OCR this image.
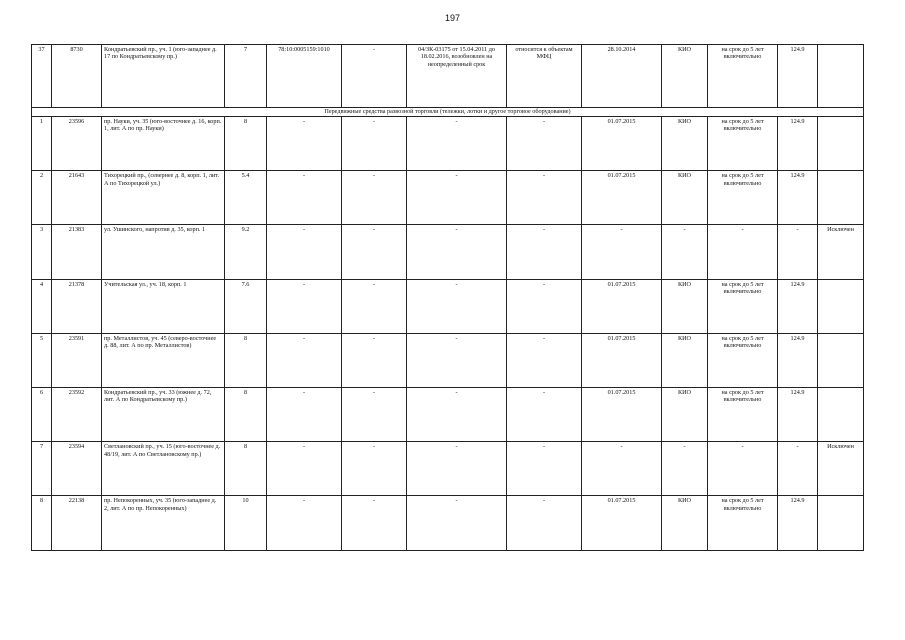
197
37	8730	Кондратьевский пр., уч. 1 (юго-западнее д. 17 по Кондратьевскому пр.)	7	78:10:0005159:1010	-	04/ЗК-03175 от 15.04.2011 до 18.02.2016, возобновлен на неопределенный срок	относится к объектам МФЦ	28.10.2014	КИО	на срок до 5 лет включительно	124.9	
Передвижные средства развозной торговли (тележки, лотки и другое торговое оборудование)												
1	23596	пр. Науки, уч. 35 (юго-восточнее д. 16, корп. 1, лит. А по пр. Науки)	8	-	-	-	-	01.07.2015	КИО	на срок до 5 лет включительно	124.9	
2	21643	Тихорецкий пр., (севернее д. 8, корп. 1, лит. А по Тихорецкой ул.)	5.4	-	-	-	-	01.07.2015	КИО	на срок до 5 лет включительно	124.9	
3	21383	ул. Ушинского, напротив д. 35, корп. 1	9.2	-	-	-	-	-	-	-	-	Исключен
4	21378	Учительская ул., уч. 18, корп. 1	7.6	-	-	-	-	01.07.2015	КИО	на срок до 5 лет включительно	124.9	
5	23591	пр. Металлистов, уч. 45 (северо-восточнее д. 88, лит. А по пр. Металлистов)	8	-	-	-	-	01.07.2015	КИО	на срок до 5 лет включительно	124.9	
6	23592	Кондратьевский пр., уч. 33 (южнее д. 72, лит. А по Кондратьевскому пр.)	8	-	-	-	-	01.07.2015	КИО	на срок до 5 лет включительно	124.9	
7	23594	Светлановский пр., уч. 15 (юго-восточнее д. 48/19, лит. А по Светлановскому пр.)	8	-	-	-	-	-	-	-	-	Исключен
8	22138	пр. Непокоренных, уч. 35 (юго-западнее д. 2, лит. А по пр. Непокоренных)	10	-	-	-	-	01.07.2015	КИО	на срок до 5 лет включительно	124.9	
